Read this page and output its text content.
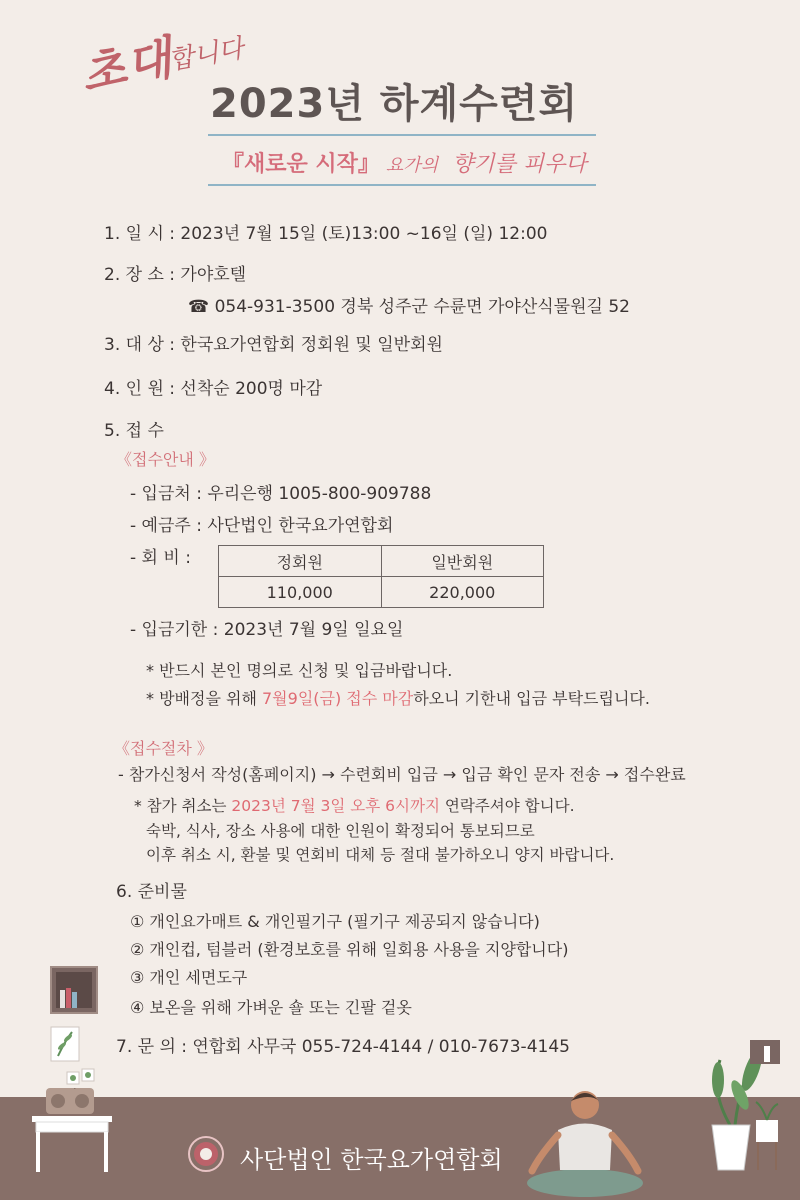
초대
합니다
2023년 하계수련회
『새로운 시작』 요가의 향기를 피우다
1. 일 시 : 2023년 7월 15일 (토)13:00 ~16일 (일) 12:00
2. 장 소 : 가야호텔
☎ 054-931-3500 경북 성주군 수륜면 가야산식물원길 52
3. 대 상 : 한국요가연합회 정회원 및 일반회원
4. 인 원 : 선착순 200명 마감
5. 접 수
《접수안내 》
- 입금처 : 우리은행 1005-800-909788
- 예금주 : 사단법인 한국요가연합회
- 회 비 :	정회원	일반회원
110,000	220,000
- 입금기한 : 2023년 7월 9일 일요일
* 반드시 본인 명의로 신청 및 입금바랍니다.
* 방배정을 위해 7월9일(금) 접수 마감하오니 기한내 입금 부탁드립니다.
《접수절차 》
- 참가신청서 작성(홈페이지) → 수련회비 입금 → 입금 확인 문자 전송 → 접수완료
* 참가 취소는 2023년 7월 3일 오후 6시까지 연락주셔야 합니다.
숙박, 식사, 장소 사용에 대한 인원이 확정되어 통보되므로
이후 취소 시, 환불 및 연회비 대체 등 절대 불가하오니 양지 바랍니다.
6. 준비물
① 개인요가매트 & 개인필기구 (필기구 제공되지 않습니다)
② 개인컵, 텀블러 (환경보호를 위해 일회용 사용을 지양합니다)
③ 개인 세면도구
④ 보온을 위해 가벼운 숄 또는 긴팔 겉옷
7. 문 의 : 연합회 사무국 055-724-4144 / 010-7673-4145
사단법인 한국요가연합회
